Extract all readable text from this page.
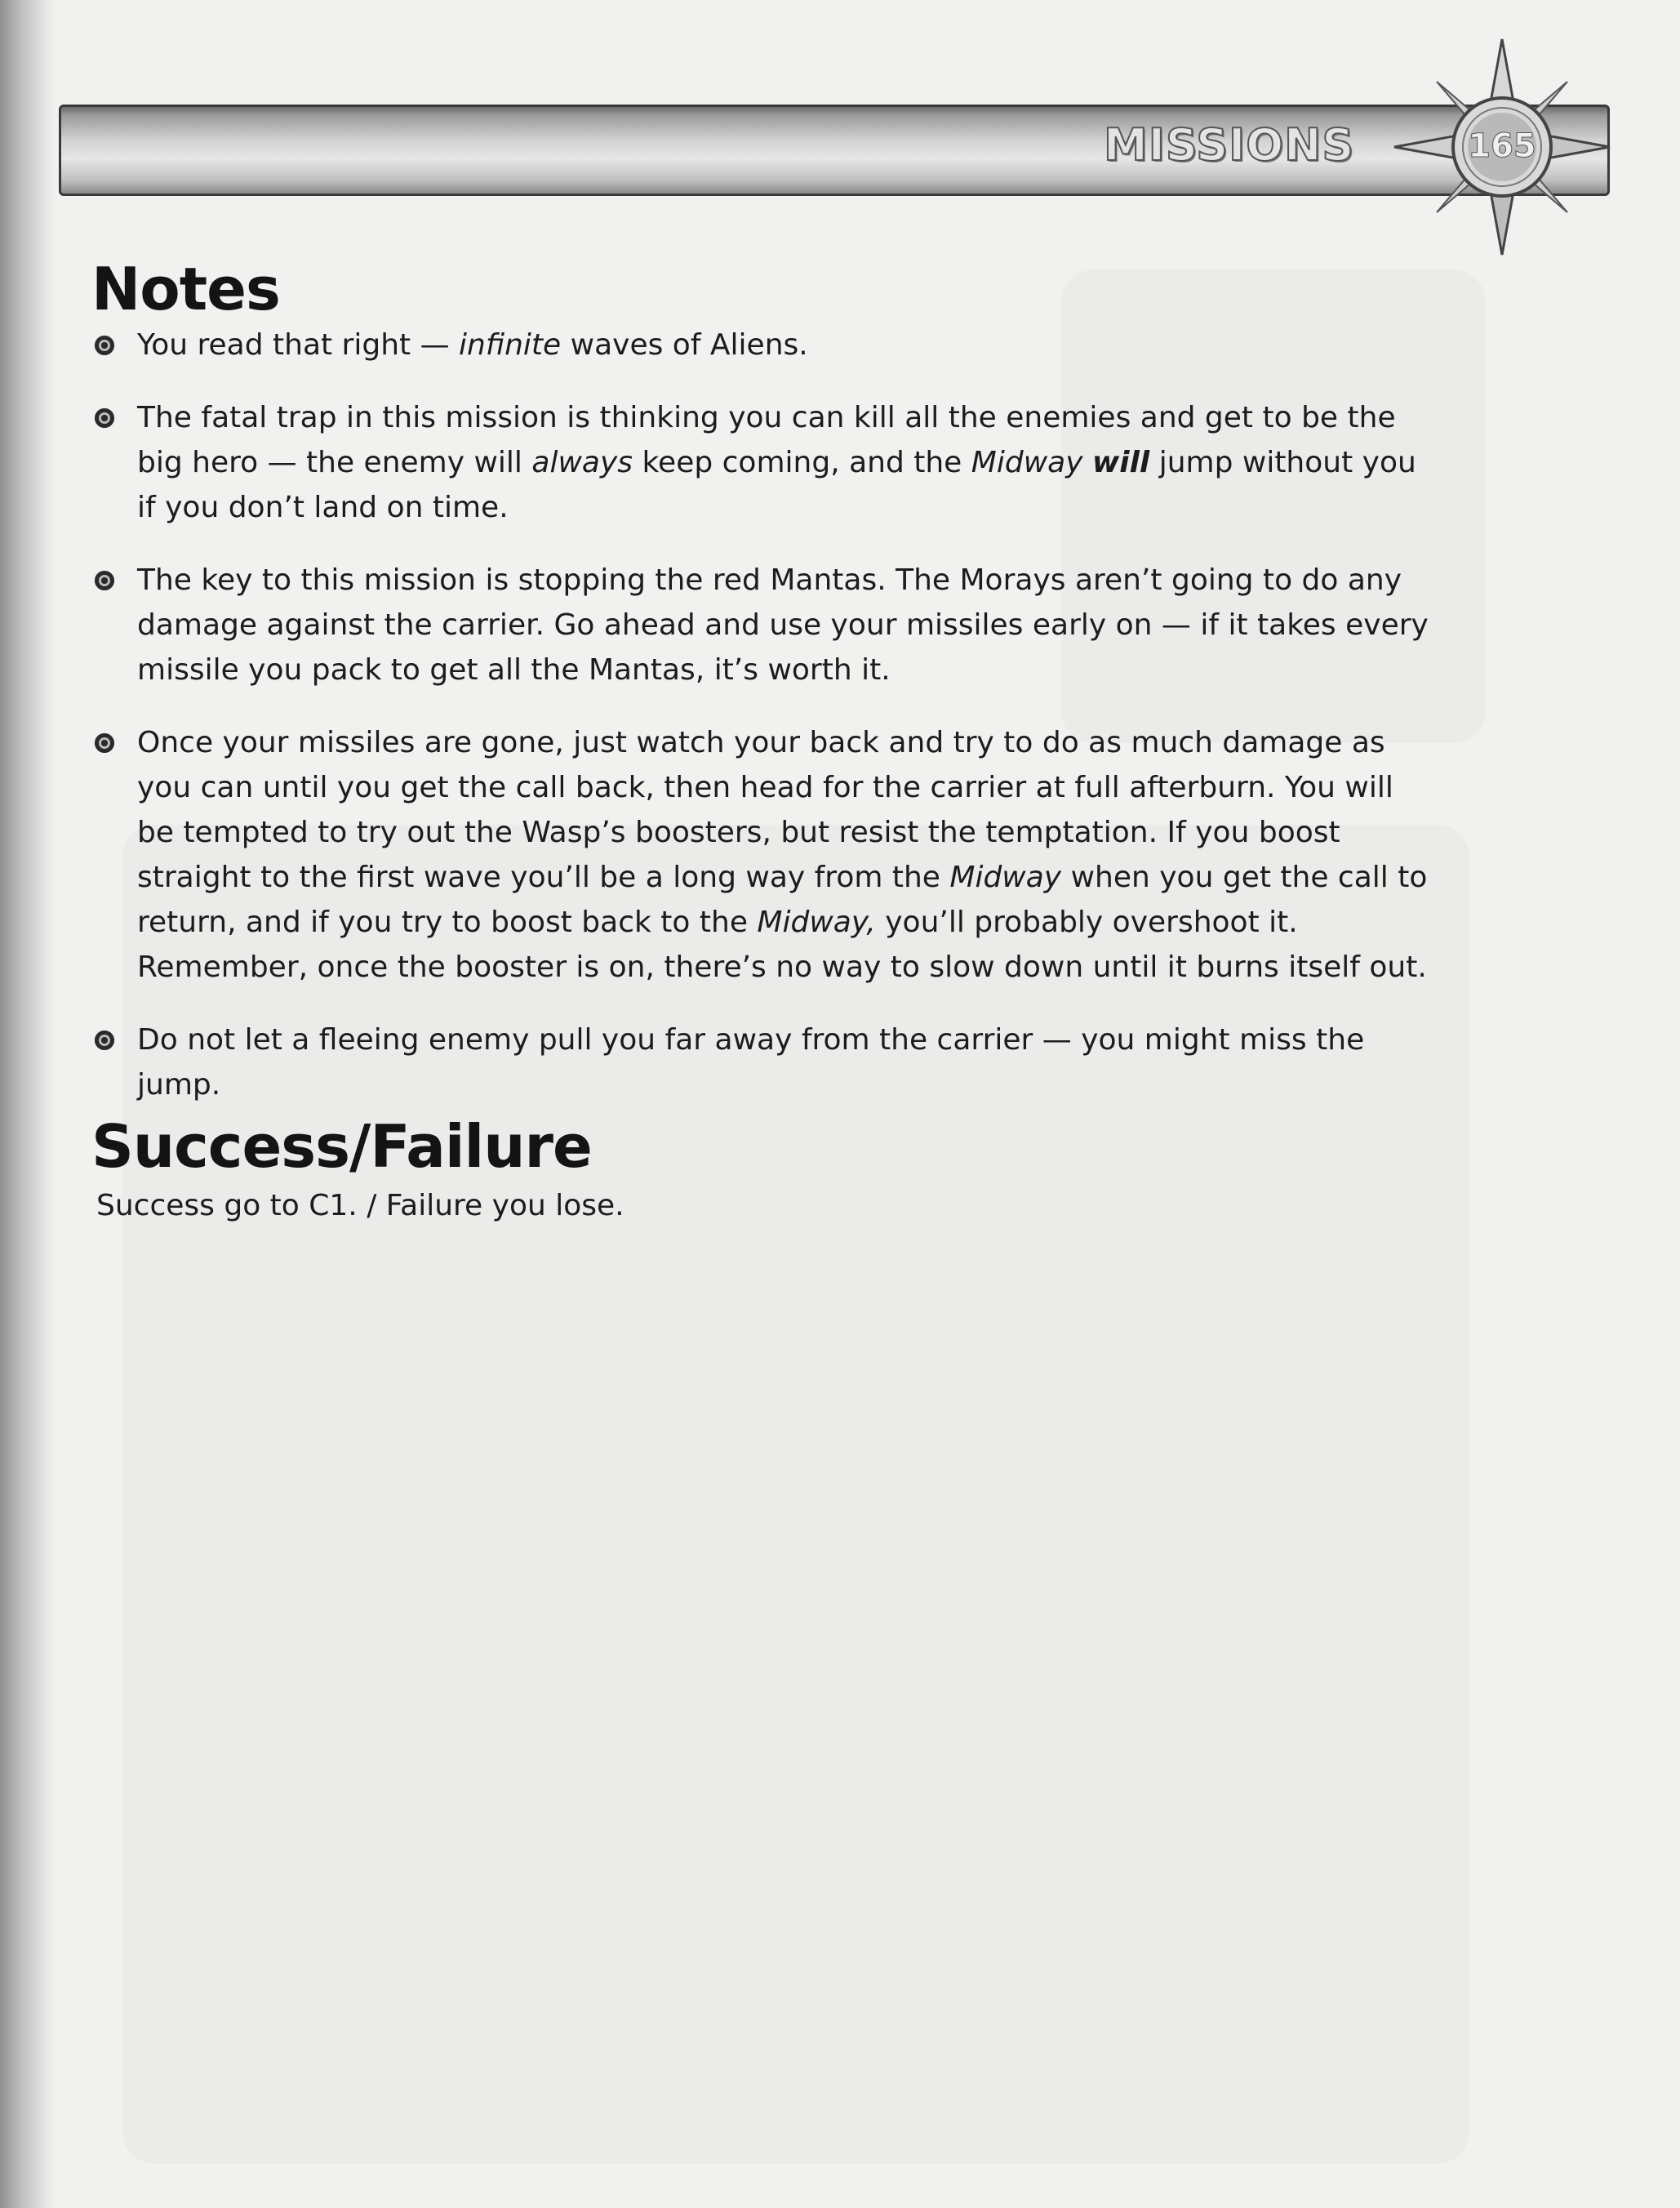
MISSIONS	165
Notes
You read that right — infinite waves of Aliens.
The fatal trap in this mission is thinking you can kill all the enemies and get to be the big hero — the enemy will always keep coming, and the Midway will jump without you if you don’t land on time.
The key to this mission is stopping the red Mantas. The Morays aren’t going to do any damage against the carrier. Go ahead and use your missiles early on — if it takes every missile you pack to get all the Mantas, it’s worth it.
Once your missiles are gone, just watch your back and try to do as much damage as you can until you get the call back, then head for the carrier at full afterburn. You will be tempted to try out the Wasp’s boosters, but resist the temptation. If you boost straight to the first wave you’ll be a long way from the Midway when you get the call to return, and if you try to boost back to the Midway, you’ll probably overshoot it. Remember, once the booster is on, there’s no way to slow down until it burns itself out.
Do not let a fleeing enemy pull you far away from the carrier — you might miss the jump.
Success/Failure
Success go to C1. / Failure you lose.
